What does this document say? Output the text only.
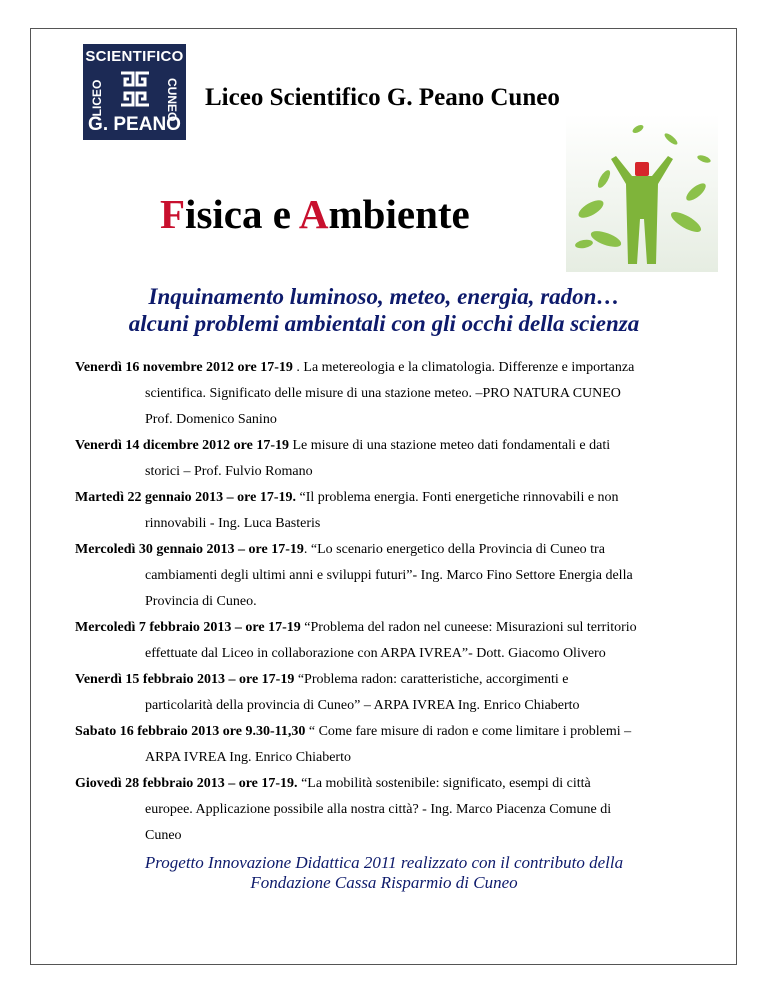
SCIENTIFICO
LICEO	CUNEO
G. PEANO
Liceo Scientifico G. Peano Cuneo
Fisica e Ambiente
Inquinamento luminoso, meteo, energia, radon…
alcuni problemi ambientali con gli occhi della scienza
Venerdì 16 novembre 2012 ore 17-19 . La metereologia e la climatologia. Differenze e importanza
scientifica. Significato delle misure di una stazione meteo. –PRO NATURA CUNEO
Prof. Domenico Sanino
Venerdì 14 dicembre 2012 ore 17-19 Le misure di una stazione meteo dati fondamentali e dati
storici – Prof. Fulvio Romano
Martedì 22 gennaio 2013 – ore 17-19. “Il problema energia. Fonti energetiche rinnovabili e non
rinnovabili - Ing. Luca Basteris
Mercoledì 30 gennaio 2013 – ore 17-19. “Lo scenario energetico della Provincia di Cuneo tra
cambiamenti degli ultimi anni e sviluppi futuri”- Ing. Marco Fino Settore Energia della
Provincia di Cuneo.
Mercoledì 7 febbraio 2013 – ore 17-19 “Problema del radon nel cuneese: Misurazioni sul territorio
effettuate dal Liceo in collaborazione con ARPA IVREA”- Dott. Giacomo Olivero
Venerdì 15 febbraio 2013 – ore 17-19 “Problema radon: caratteristiche, accorgimenti e
particolarità della provincia di Cuneo” – ARPA IVREA Ing. Enrico Chiaberto
Sabato 16 febbraio 2013 ore 9.30-11,30 “ Come fare misure di radon e come limitare i problemi –
ARPA IVREA Ing. Enrico Chiaberto
Giovedì 28 febbraio 2013 – ore 17-19. “La mobilità sostenibile: significato, esempi di città
europee. Applicazione possibile alla nostra città? - Ing. Marco Piacenza Comune di
Cuneo
Progetto Innovazione Didattica 2011 realizzato con il contributo della
Fondazione Cassa Risparmio di Cuneo
